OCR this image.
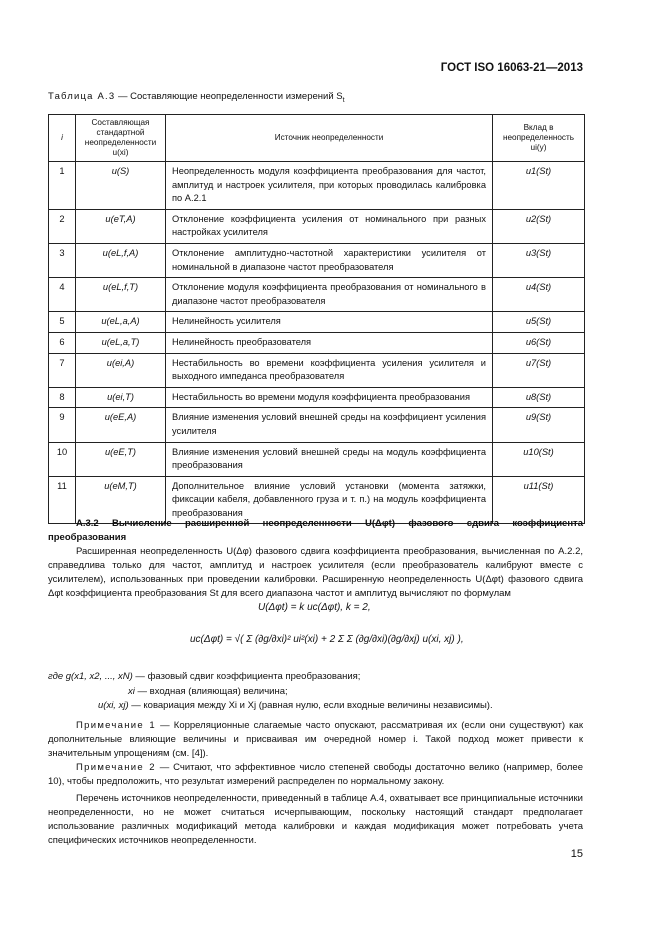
ГОСТ ISO 16063-21—2013
Таблица А.3 — Составляющие неопределенности измерений $S_t$
i	Составляющая стандартной неопределенности u(xi)	Источник неопределенности	Вклад в неопределенность ui(y)
1	u(S)	Неопределенность модуля коэффициента преобразования для частот, амплитуд и настроек усилителя, при которых проводилась калибровка по А.2.1	u1(St)
2	u(eT,A)	Отклонение коэффициента усиления от номинального при разных настройках усилителя	u2(St)
3	u(eL,f,A)	Отклонение амплитудно-частотной характеристики усилителя от номинальной в диапазоне частот преобразователя	u3(St)
4	u(eL,f,T)	Отклонение модуля коэффициента преобразования от номинального в диапазоне частот преобразователя	u4(St)
5	u(eL,a,A)	Нелинейность усилителя	u5(St)
6	u(eL,a,T)	Нелинейность преобразователя	u6(St)
7	u(ei,A)	Нестабильность во времени коэффициента усиления усилителя и выходного импеданса преобразователя	u7(St)
8	u(ei,T)	Нестабильность во времени модуля коэффициента преобразования	u8(St)
9	u(eE,A)	Влияние изменения условий внешней среды на коэффициент усиления усилителя	u9(St)
10	u(eE,T)	Влияние изменения условий внешней среды на модуль коэффициента преобразования	u10(St)
11	u(eM,T)	Дополнительное влияние условий установки (момента затяжки, фиксации кабеля, добавленного груза и т. п.) на модуль коэффициента преобразования	u11(St)

А.3.2 Вычисление расширенной неопределенности U(Δφt) фазового сдвига коэффициента преобразования

Расширенная неопределенность U(Δφ) фазового сдвига коэффициента преобразования, вычисленная по А.2.2, справедлива только для частот, амплитуд и настроек усилителя (если преобразователь калибруют вместе с усилителем), использованных при проведении калибровки. Расширенную неопределенность U(Δφt) фазового сдвига Δφt коэффициента преобразования St для всего диапазона частот и амплитуд вычисляют по формулам

U(Δφt) = k uc(Δφt), k = 2,
uc(Δφt) = √( Σ (∂g/∂xi)² ui²(xi) + 2 Σ Σ (∂g/∂xi)(∂g/∂xj) u(xi, xj) ),
где g(x1, x2, ..., xN) — фазовый сдвиг коэффициента преобразования;
xi — входная (влияющая) величина;
u(xi, xj) — ковариация между Xi и Xj (равная нулю, если входные величины независимы).

Примечание 1 — Корреляционные слагаемые часто опускают, рассматривая их (если они существуют) как дополнительные влияющие величины и присваивая им очередной номер i. Такой подход может привести к значительным упрощениям (см. [4]).

Примечание 2 — Считают, что эффективное число степеней свободы достаточно велико (например, более 10), чтобы предположить, что результат измерений распределен по нормальному закону.

Перечень источников неопределенности, приведенный в таблице А.4, охватывает все принципиальные источники неопределенности, но не может считаться исчерпывающим, поскольку настоящий стандарт предполагает использование различных модификаций метода калибровки и каждая модификация может потребовать учета специфических источников неопределенности.

15
